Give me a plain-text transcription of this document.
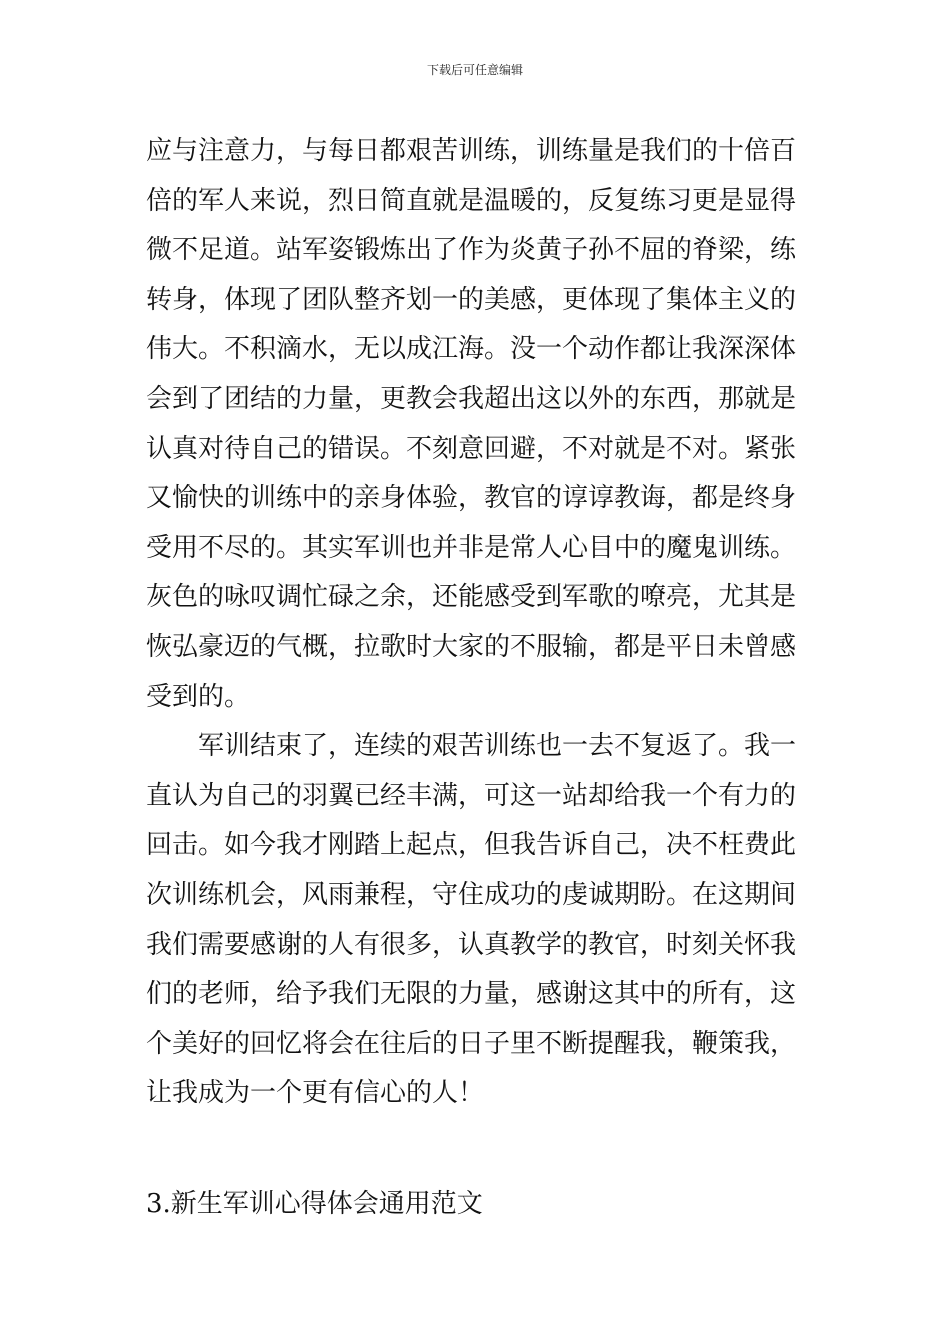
下载后可任意编辑
应与注意力，与每日都艰苦训练，训练量是我们的十倍百
倍的军人来说，烈日简直就是温暖的，反复练习更是显得
微不足道。站军姿锻炼出了作为炎黄子孙不屈的脊梁，练
转身，体现了团队整齐划一的美感，更体现了集体主义的
伟大。不积滴水，无以成江海。没一个动作都让我深深体
会到了团结的力量，更教会我超出这以外的东西，那就是
认真对待自己的错误。不刻意回避，不对就是不对。紧张
又愉快的训练中的亲身体验，教官的谆谆教诲，都是终身
受用不尽的。其实军训也并非是常人心目中的魔鬼训练。
灰色的咏叹调忙碌之余，还能感受到军歌的嘹亮，尤其是
恢弘豪迈的气概，拉歌时大家的不服输，都是平日未曾感
受到的。
　　军训结束了，连续的艰苦训练也一去不复返了。我一
直认为自己的羽翼已经丰满，可这一站却给我一个有力的
回击。如今我才刚踏上起点，但我告诉自己，决不枉费此
次训练机会，风雨兼程，守住成功的虔诚期盼。在这期间
我们需要感谢的人有很多，认真教学的教官，时刻关怀我
们的老师，给予我们无限的力量，感谢这其中的所有，这
个美好的回忆将会在往后的日子里不断提醒我，鞭策我，
让我成为一个更有信心的人！
3.新生军训心得体会通用范文
